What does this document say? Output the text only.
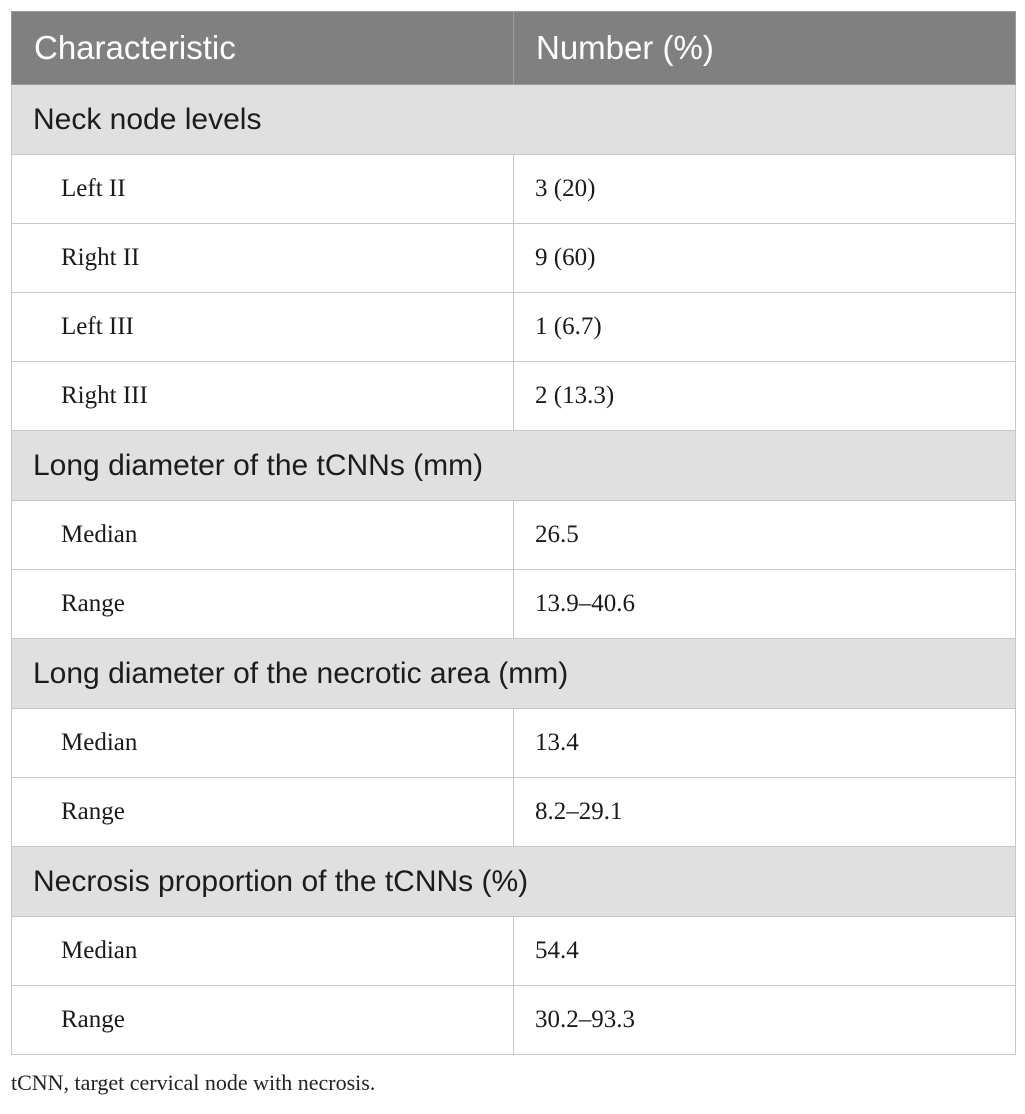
Characteristic	Number (%)
Neck node levels	
Left II	3 (20)
Right II	9 (60)
Left III	1 (6.7)
Right III	2 (13.3)
Long diameter of the tCNNs (mm)	
Median	26.5
Range	13.9–40.6
Long diameter of the necrotic area (mm)	
Median	13.4
Range	8.2–29.1
Necrosis proportion of the tCNNs (%)	
Median	54.4
Range	30.2–93.3
tCNN, target cervical node with necrosis.
